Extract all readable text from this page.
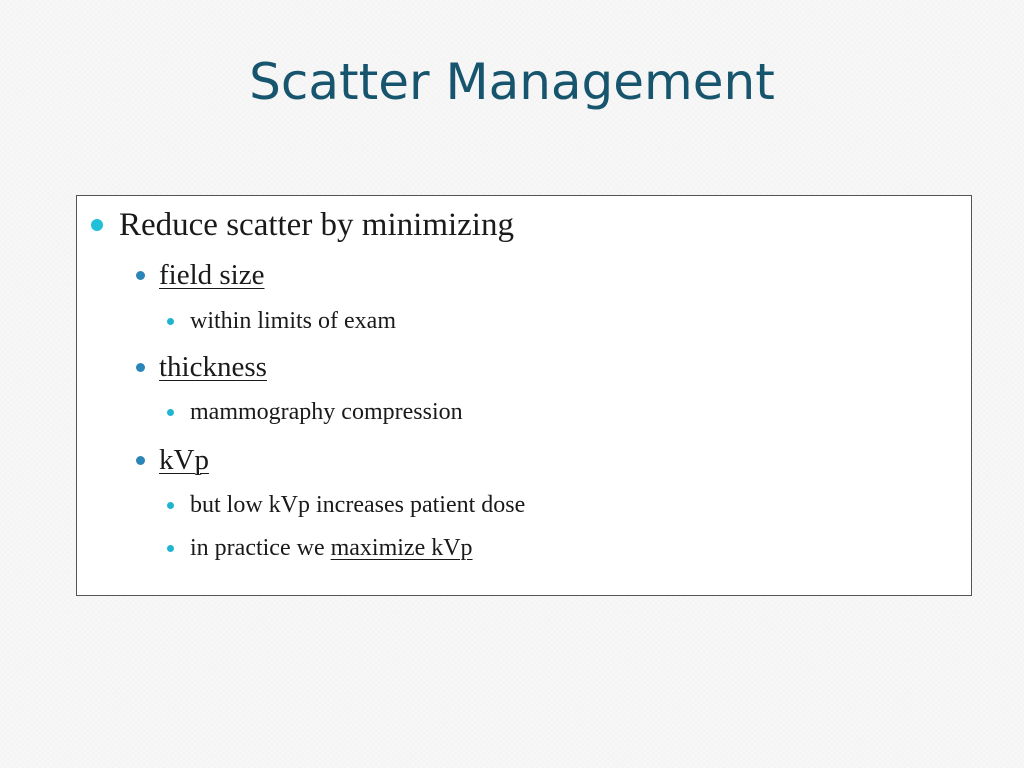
Scatter Management
Reduce scatter by minimizing
field size
within limits of exam
thickness
mammography compression
kVp
but low kVp increases patient dose
in practice we maximize kVp
